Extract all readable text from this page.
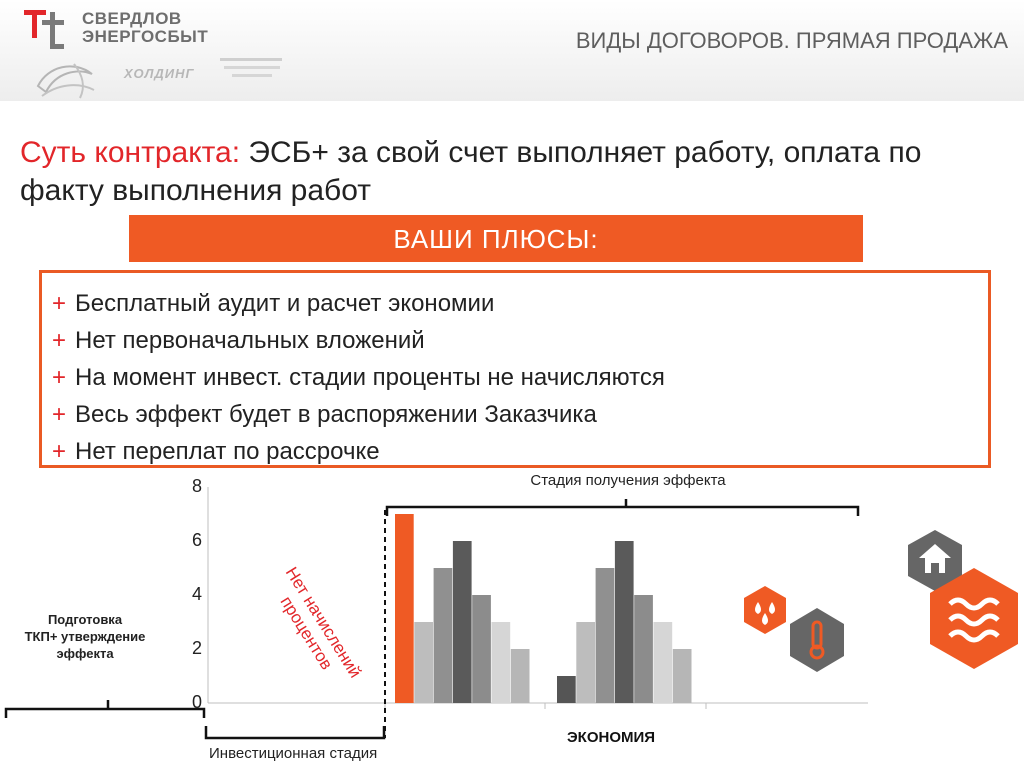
СВЕРДЛОВ
ЭНЕРГОСБЫТ
ХОЛДИНГ
ВИДЫ ДОГОВОРОВ. ПРЯМАЯ ПРОДАЖА
Суть контракта: ЭСБ+ за свой счет выполняет работу, оплата по факту выполнения работ
ВАШИ ПЛЮСЫ:
+ Бесплатный аудит и расчет экономии
+ Нет первоначальных вложений
+ На момент инвест. стадии проценты не начисляются
+ Весь эффект будет в распоряжении Заказчика
+ Нет переплат по рассрочке
0
2
4
6
8	Стадия получения эффекта
Инвестиционная стадия
ЭКОНОМИЯ
Подготовка
ТКП+ утверждение
эффекта	Нет начислений процентов
